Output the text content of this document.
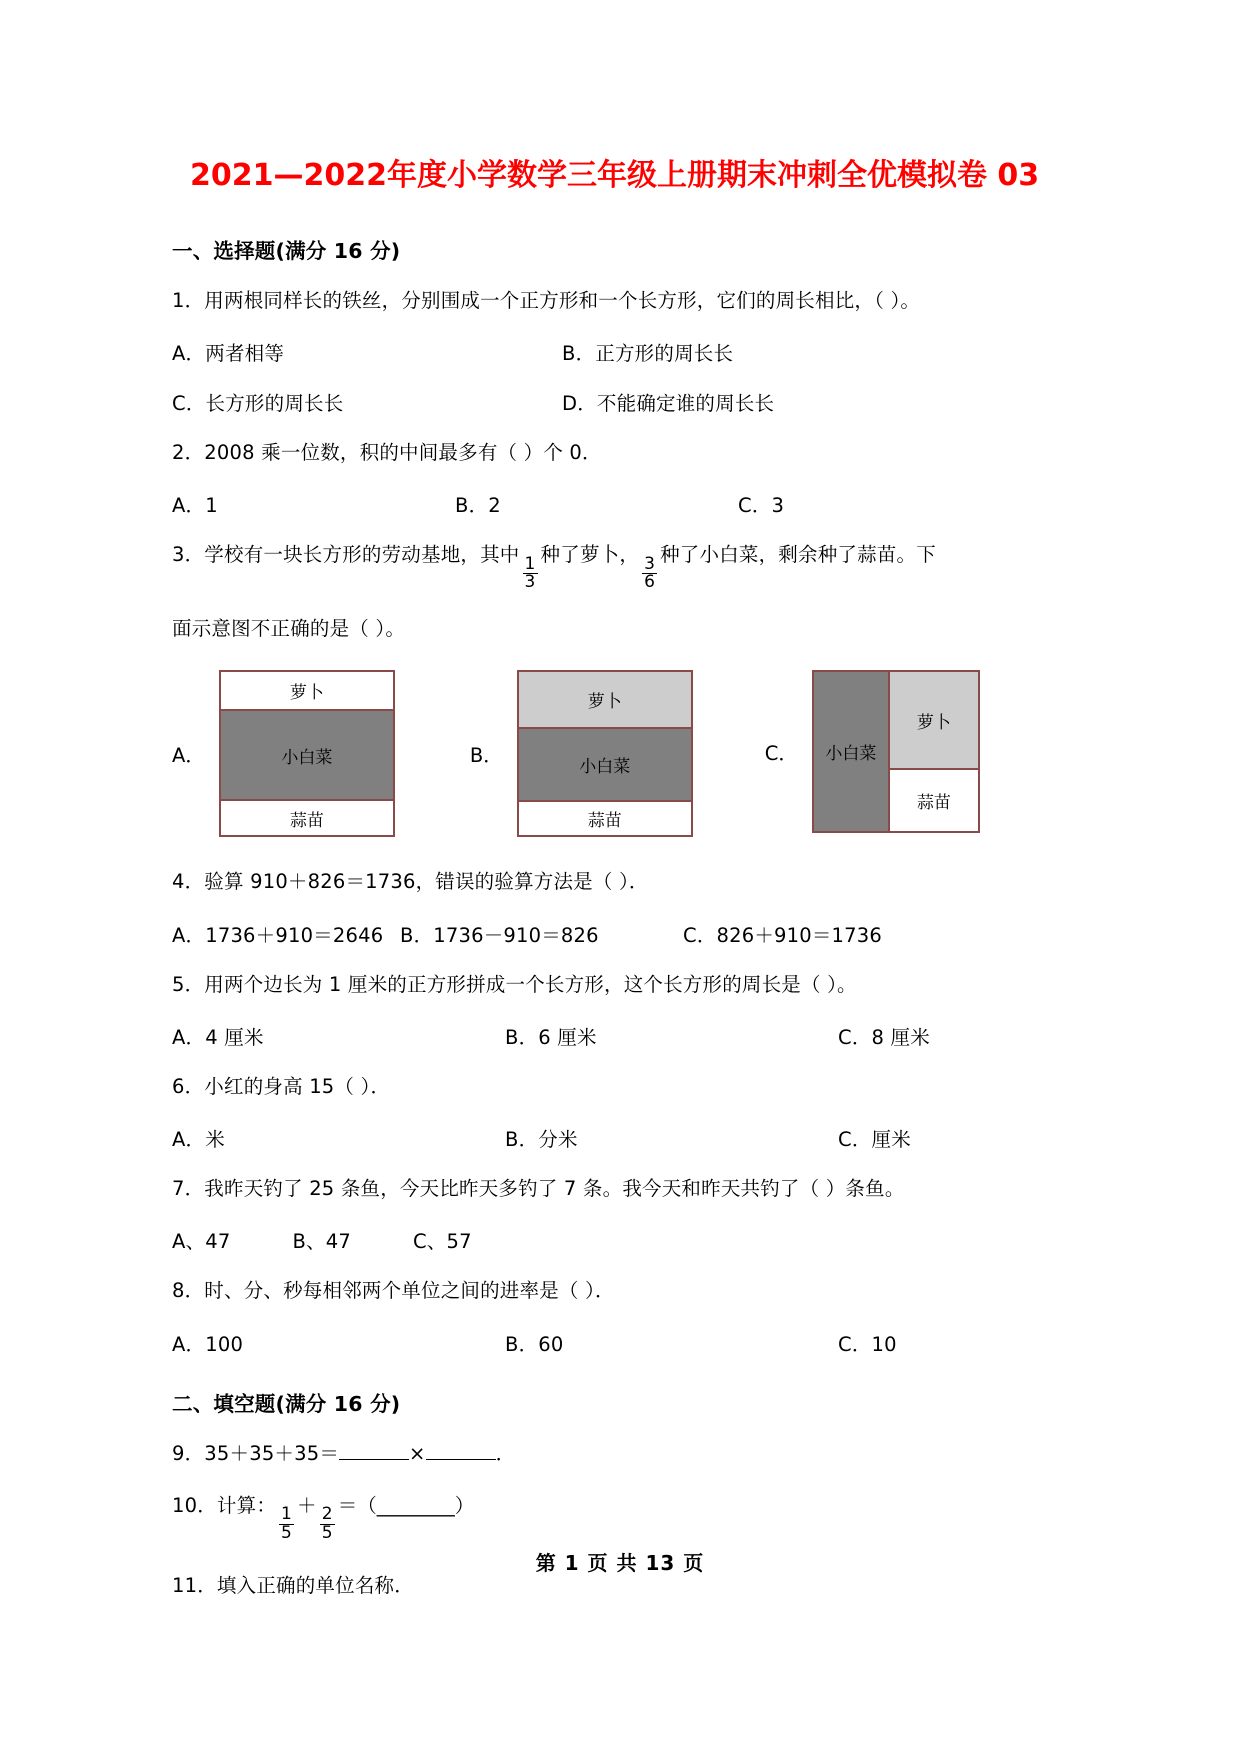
2021—2022年度小学数学三年级上册期末冲刺全优模拟卷 03
一、选择题(满分 16 分)
1．用两根同样长的铁丝，分别围成一个正方形和一个长方形，它们的周长相比，（ ）。
A．两者相等	B．正方形的周长长
C．长方形的周长长	D．不能确定谁的周长长
2．2008 乘一位数，积的中间最多有（ ）个 0．
A．1	B．2	C．3
3．学校有一块长方形的劳动基地，其中
$\frac{1}{3}$
种了萝卜，
$\frac{3}{6}$
种了小白菜，剩余种了蒜苗。下
面示意图不正确的是（ ）。
A．
萝卜
小白菜
蒜苗
B．
萝卜
小白菜
蒜苗
C．	小白菜
萝卜
蒜苗
4．验算 910＋826＝1736，错误的验算方法是（ ）．
A．1736＋910＝2646 B．1736－910＝826	C．826＋910＝1736
5．用两个边长为 1 厘米的正方形拼成一个长方形，这个长方形的周长是（ ）。
A．4 厘米	B．6 厘米	C．8 厘米
6．小红的身高 15（ ）．
A．米	B．分米	C．厘米
7．我昨天钓了 25 条鱼，今天比昨天多钓了 7 条。我今天和昨天共钓了（ ）条鱼。
A、47	B、47	C、57
8．时、分、秒每相邻两个单位之间的进率是（ ）．
A．100	B．60	C．10
二、填空题(满分 16 分)
9．35＋35＋35＝	×	．
10．计算：
$\frac{1}{5}$
＋
$\frac{2}{5}$
＝（________）
11．填入正确的单位名称．
第 1 页 共 13 页
